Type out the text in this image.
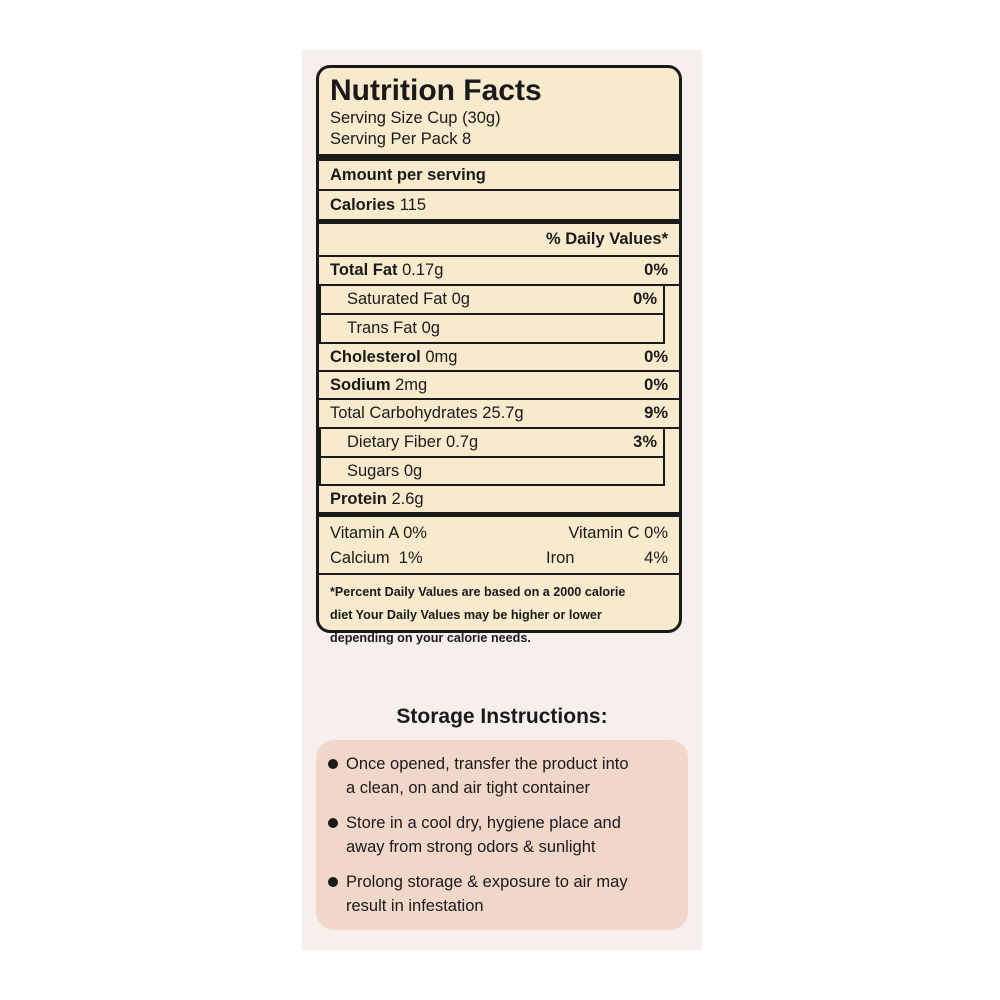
Nutrition Facts
Serving Size Cup (30g)
Serving Per Pack 8
Amount per serving
Calories 115
% Daily Values*
Total Fat 0.17g	0%
Saturated Fat 0g	0%
Trans Fat 0g
Cholesterol 0mg	0%
Sodium 2mg	0%
Total Carbohydrates 25.7g	9%
Dietary Fiber 0.7g	3%
Sugars 0g
Protein 2.6g
Vitamin A 0%	Vitamin C 0%
Calcium 1%	Iron	4%
*Percent Daily Values are based on a 2000 calorie
diet Your Daily Values may be higher or lower
depending on your calorie needs.
Storage Instructions:
Once opened, transfer the product into
a clean, on and air tight container
Store in a cool dry, hygiene place and
away from strong odors & sunlight
Prolong storage & exposure to air may
result in infestation
